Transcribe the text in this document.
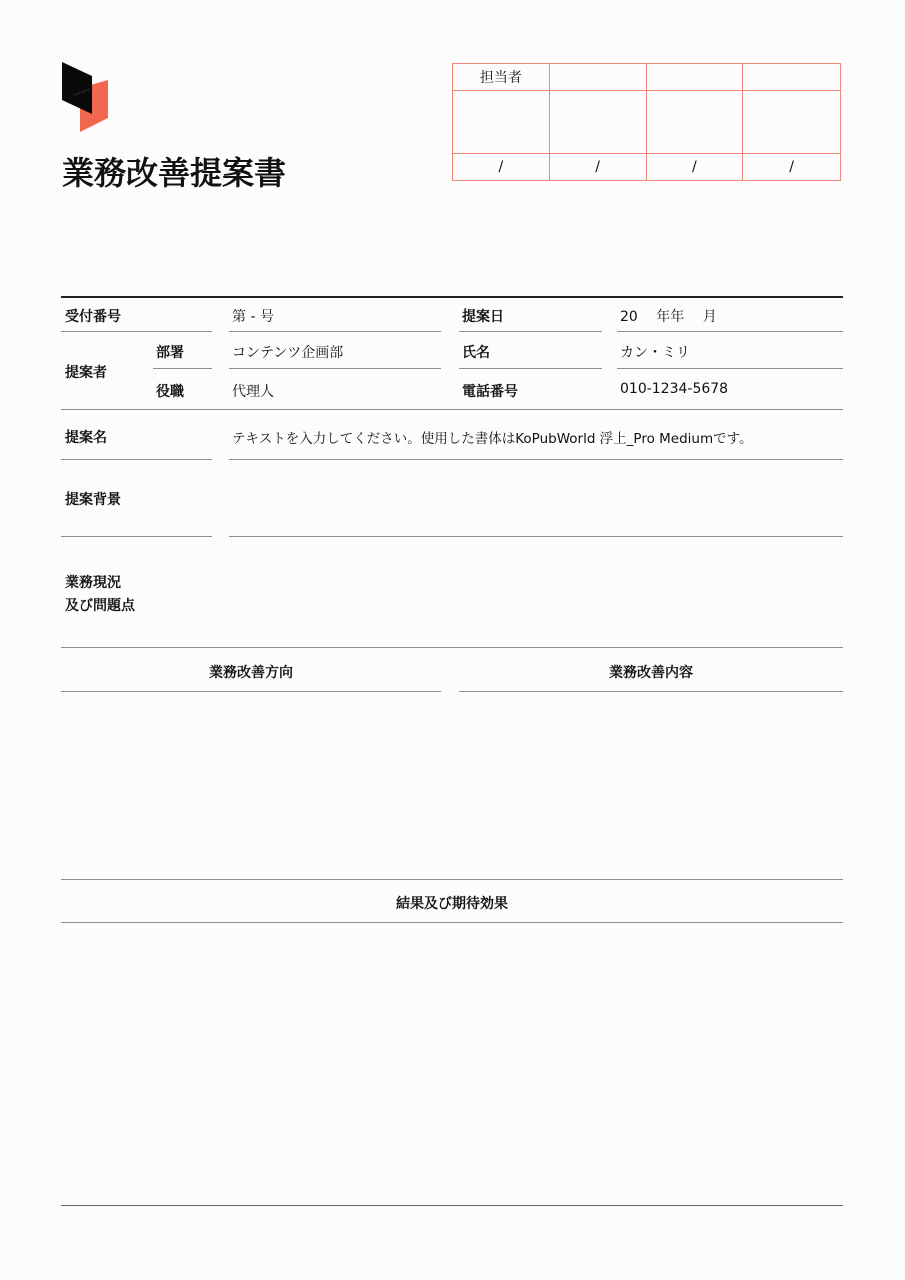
業務改善提案書
担当者
/	/	/	/
受付番号	第 - 号	提案日	20　 年年　 月
提案者
部署	コンテンツ企画部	氏名	カン・ミリ
役職	代理人	電話番号	010-1234-5678
提案名	テキストを入力してください。使用した書体はKoPubWorld 浮上_Pro Mediumです。
提案背景
業務現況
及び問題点
業務改善方向	業務改善内容
結果及び期待効果
